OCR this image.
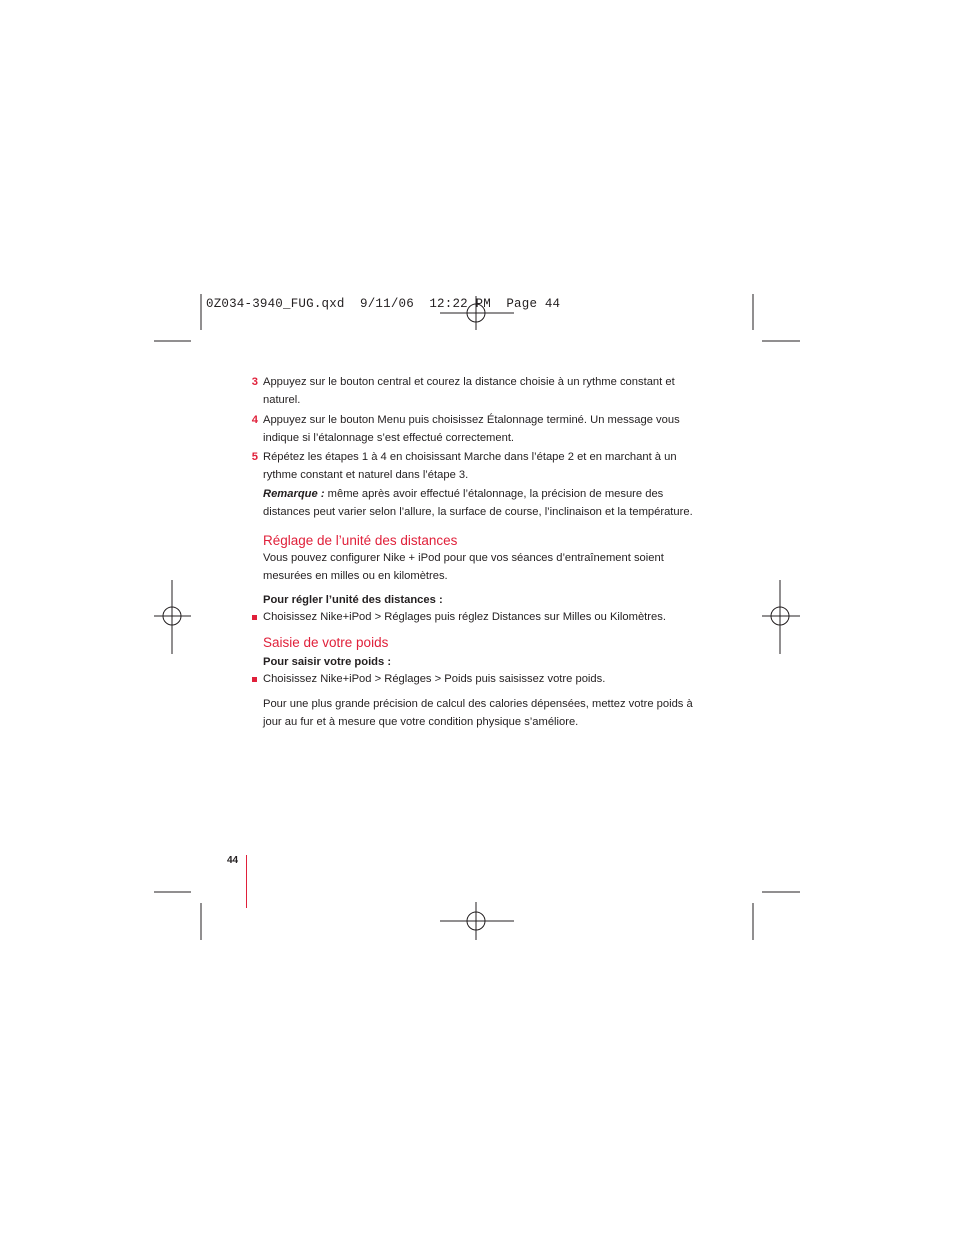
0Z034-3940_FUG.qxd  9/11/06  12:22 PM  Page 44
3 Appuyez sur le bouton central et courez la distance choisie à un rythme constant et naturel.
4 Appuyez sur le bouton Menu puis choisissez Étalonnage terminé. Un message vous indique si l’étalonnage s’est effectué correctement.
5 Répétez les étapes 1 à 4 en choisissant Marche dans l’étape 2 et en marchant à un rythme constant et naturel dans l’étape 3.
Remarque : même après avoir effectué l’étalonnage, la précision de mesure des distances peut varier selon l’allure, la surface de course, l’inclinaison et la température.
Réglage de l’unité des distances
Vous pouvez configurer Nike + iPod pour que vos séances d’entraînement soient mesurées en milles ou en kilomètres.
Pour régler l’unité des distances :
Choisissez Nike+iPod > Réglages puis réglez Distances sur Milles ou Kilomètres.
Saisie de votre poids
Pour saisir votre poids :
Choisissez Nike+iPod > Réglages > Poids puis saisissez votre poids.
Pour une plus grande précision de calcul des calories dépensées, mettez votre poids à jour au fur et à mesure que votre condition physique s’améliore.
44
